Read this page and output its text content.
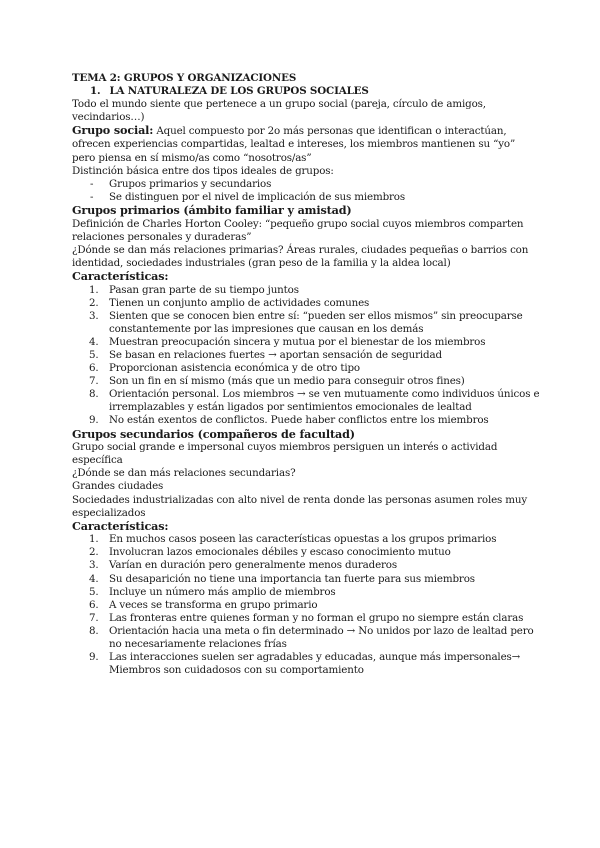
TEMA 2: GRUPOS Y ORGANIZACIONES

1. LA NATURALEZA DE LOS GRUPOS SOCIALES

Todo el mundo siente que pertenece a un grupo social (pareja, círculo de amigos, vecindarios…)

Grupo social: Aquel compuesto por 2o más personas que identifican o interactúan, ofrecen experiencias compartidas, lealtad e intereses, los miembros mantienen su “yo” pero piensa en sí mismo/as como “nosotros/as”

Distinción básica entre dos tipos ideales de grupos:

- Grupos primarios y secundarios
- Se distinguen por el nivel de implicación de sus miembros

Grupos primarios (ámbito familiar y amistad)

Definición de Charles Horton Cooley: “pequeño grupo social cuyos miembros comparten relaciones personales y duraderas”

¿Dónde se dan más relaciones primarias? Áreas rurales, ciudades pequeñas o barrios con identidad, sociedades industriales (gran peso de la familia y la aldea local)

Características:

1. Pasan gran parte de su tiempo juntos
2. Tienen un conjunto amplio de actividades comunes
3. Sienten que se conocen bien entre sí: “pueden ser ellos mismos” sin preocuparse constantemente por las impresiones que causan en los demás
4. Muestran preocupación sincera y mutua por el bienestar de los miembros
5. Se basan en relaciones fuertes → aportan sensación de seguridad
6. Proporcionan asistencia económica y de otro tipo
7. Son un fin en sí mismo (más que un medio para conseguir otros fines)
8. Orientación personal. Los miembros → se ven mutuamente como individuos únicos e irremplazables y están ligados por sentimientos emocionales de lealtad
9. No están exentos de conflictos. Puede haber conflictos entre los miembros

Grupos secundarios (compañeros de facultad)

Grupo social grande e impersonal cuyos miembros persiguen un interés o actividad específica

¿Dónde se dan más relaciones secundarias?

Grandes ciudades

Sociedades industrializadas con alto nivel de renta donde las personas asumen roles muy especializados

Características:

1. En muchos casos poseen las características opuestas a los grupos primarios
2. Involucran lazos emocionales débiles y escaso conocimiento mutuo
3. Varían en duración pero generalmente menos duraderos
4. Su desaparición no tiene una importancia tan fuerte para sus miembros
5. Incluye un número más amplio de miembros
6. A veces se transforma en grupo primario
7. Las fronteras entre quienes forman y no forman el grupo no siempre están claras
8. Orientación hacia una meta o fin determinado → No unidos por lazo de lealtad pero no necesariamente relaciones frías
9. Las interacciones suelen ser agradables y educadas, aunque más impersonales→ Miembros son cuidadosos con su comportamiento
